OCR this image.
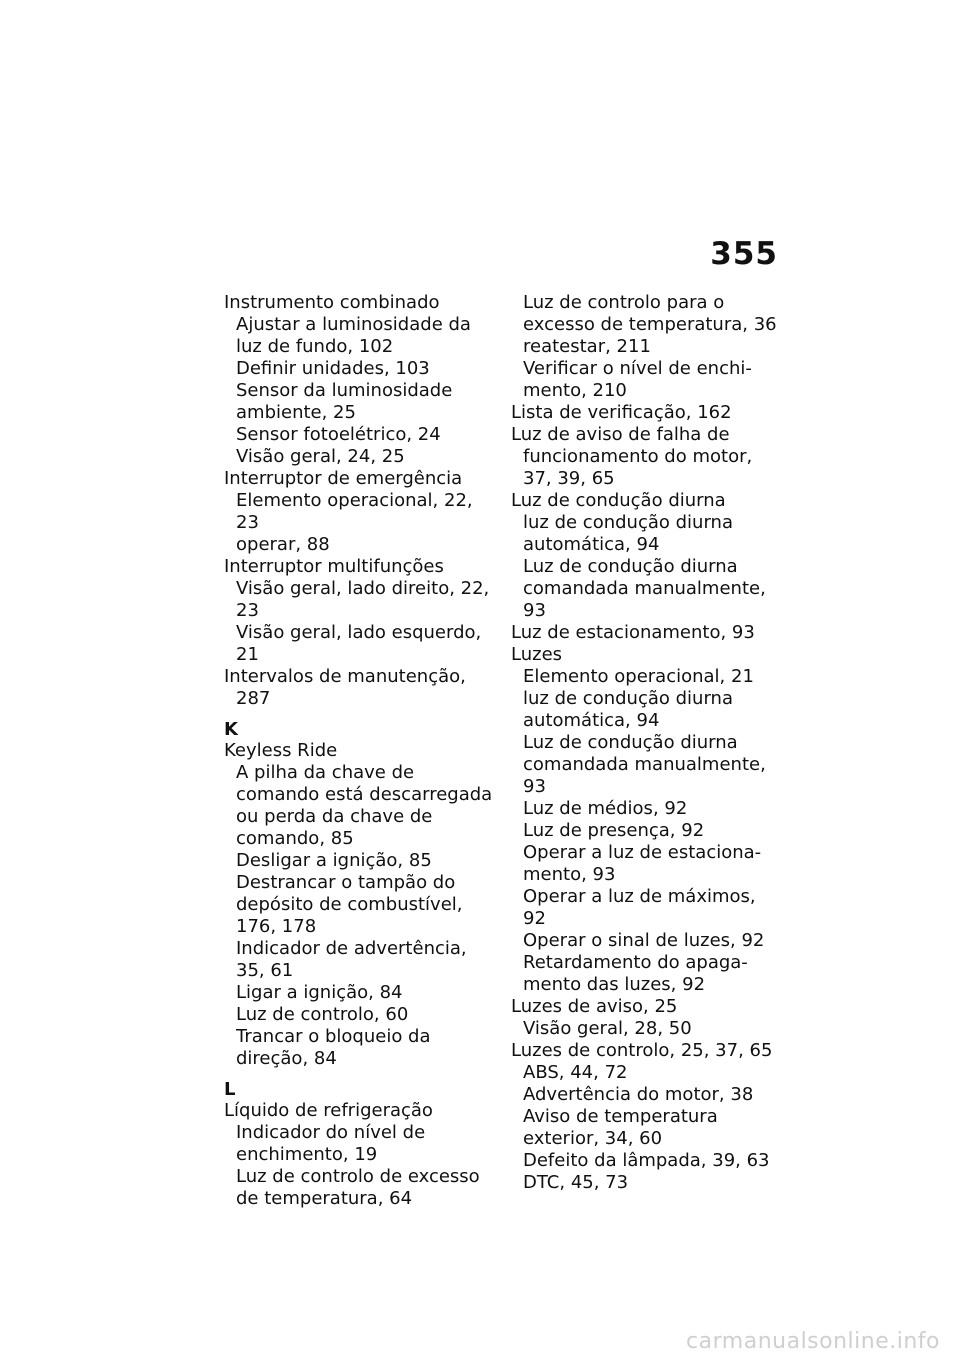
355
Instrumento combinado
Ajustar a luminosidade da luz de fundo, 102
Definir unidades, 103
Sensor da luminosidade ambiente, 25
Sensor fotoelétrico, 24
Visão geral, 24, 25
Interruptor de emergência
Elemento operacional, 22, 23
operar, 88
Interruptor multifunções
Visão geral, lado direito, 22, 23
Visão geral, lado esquerdo, 21
Intervalos de manutenção, 287
K
Keyless Ride
A pilha da chave de comando está descarregada ou perda da chave de comando, 85
Desligar a ignição, 85
Destrancar o tampão do depósito de combustível, 176, 178
Indicador de advertência, 35, 61
Ligar a ignição, 84
Luz de controlo, 60
Trancar o bloqueio da direção, 84
L
Líquido de refrigeração
Indicador do nível de enchimento, 19
Luz de controlo de excesso de temperatura, 64
Luz de controlo para o excesso de temperatura, 36
reatestar, 211
Verificar o nível de enchi-mento, 210
Lista de verificação, 162
Luz de aviso de falha de funcionamento do motor, 37, 39, 65
Luz de condução diurna
luz de condução diurna automática, 94
Luz de condução diurna comandada manualmente, 93
Luz de estacionamento, 93
Luzes
Elemento operacional, 21
luz de condução diurna automática, 94
Luz de condução diurna comandada manualmente, 93
Luz de médios, 92
Luz de presença, 92
Operar a luz de estaciona-mento, 93
Operar a luz de máximos, 92
Operar o sinal de luzes, 92
Retardamento do apaga-mento das luzes, 92
Luzes de aviso, 25
Visão geral, 28, 50
Luzes de controlo, 25, 37, 65
ABS, 44, 72
Advertência do motor, 38
Aviso de temperatura exterior, 34, 60
Defeito da lâmpada, 39, 63
DTC, 45, 73
carmanualsonline.info
